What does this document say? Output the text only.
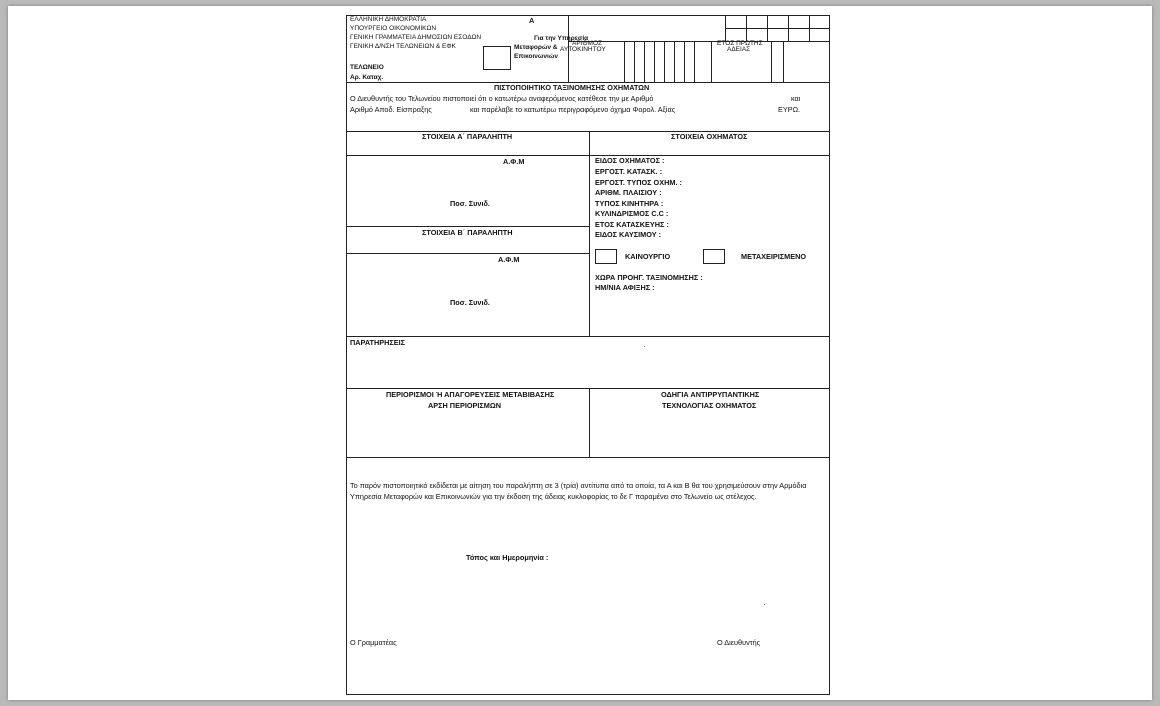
ΕΛΛΗΝΙΚΗ ΔΗΜΟΚΡΑΤΙΑ
ΥΠΟΥΡΓΕΙΟ ΟΙΚΟΝΟΜΙΚΩΝ
ΓΕΝΙΚΗ ΓΡΑΜΜΑΤΕΙΑ ΔΗΜΟΣΙΩΝ ΕΣΟΔΩΝ
ΓΕΝΙΚΗ Δ/ΝΣΗ ΤΕΛΩΝΕΙΩΝ & ΕΦΚ
Α
Για την Υπηρεσία
Μεταφορών &
Επικοινωνιών
ΤΕΛΩΝΕΙΟ
Αρ. Καταχ.
ΑΡΙΘΜΟΣ
ΑΥΤΟΚΙΝΗΤΟΥ
ΕΤΟΣ ΠΡΩΤΗΣ
ΑΔΕΙΑΣ
ΠΙΣΤΟΠΟΙΗΤΙΚΟ ΤΑΞΙΝΟΜΗΣΗΣ ΟΧΗΜΑΤΩΝ
Ο Διευθυντής του Τελωνείου πιστοποιεί ότι ο κατωτέρω αναφερόμενος κατέθεσε την με Αριθμό	και
Αριθμό Αποδ. Είσπραξης	και παρέλαβε το κατωτέρω περιγραφόμενο όχημα Φορολ. Αξίας	ΕΥΡΩ.
ΣΤΟΙΧΕΙΑ Α΄ ΠΑΡΑΛΗΠΤΗ
Α.Φ.Μ
Ποσ. Συνιδ.
ΣΤΟΙΧΕΙΑ Β΄ ΠΑΡΑΛΗΠΤΗ
Α.Φ.Μ
Ποσ. Συνιδ.
ΣΤΟΙΧΕΙΑ ΟΧΗΜΑΤΟΣ
ΕΙΔΟΣ ΟΧΗΜΑΤΟΣ :
ΕΡΓΟΣΤ. ΚΑΤΑΣΚ. :
ΕΡΓΟΣΤ. ΤΥΠΟΣ ΟΧΗΜ. :
ΑΡΙΘΜ. ΠΛΑΙΣΙΟΥ :
ΤΥΠΟΣ ΚΙΝΗΤΗΡΑ :
ΚΥΛΙΝΔΡΙΣΜΟΣ C.C :
ΕΤΟΣ ΚΑΤΑΣΚΕΥΗΣ :
ΕΙΔΟΣ ΚΑΥΣΙΜΟΥ :
ΚΑΙΝΟΥΡΓΙΟ	ΜΕΤΑΧΕΙΡΙΣΜΕΝΟ
ΧΩΡΑ ΠΡΟΗΓ. ΤΑΞΙΝΟΜΗΣΗΣ :
ΗΜ/ΝΙΑ ΑΦΙΞΗΣ :
ΠΑΡΑΤΗΡΗΣΕΙΣ
ΠΕΡΙΟΡΙΣΜΟΙ Ή ΑΠΑΓΟΡΕΥΣΕΙΣ ΜΕΤΑΒΙΒΑΣΗΣ
ΑΡΣΗ ΠΕΡΙΟΡΙΣΜΩΝ
ΟΔΗΓΙΑ ΑΝΤΙΡΡΥΠΑΝΤΙΚΗΣ
ΤΕΧΝΟΛΟΓΙΑΣ ΟΧΗΜΑΤΟΣ
Το παρόν πιστοποιητικό εκδίδεται με αίτηση του παραλήπτη σε 3 (τρία) αντίτυπα από τα οποία, τα Α και Β θα του χρησιμεύσουν στην Αρμόδια Υπηρεσία Μεταφορών και Επικοινωνιών για την έκδοση της άδειας κυκλοφορίας το δε Γ παραμένει στο Τελωνείο ως στέλεχος.
Τόπος και Ημερομηνία :
Ο Γραμματέας	Ο Διευθυντής
